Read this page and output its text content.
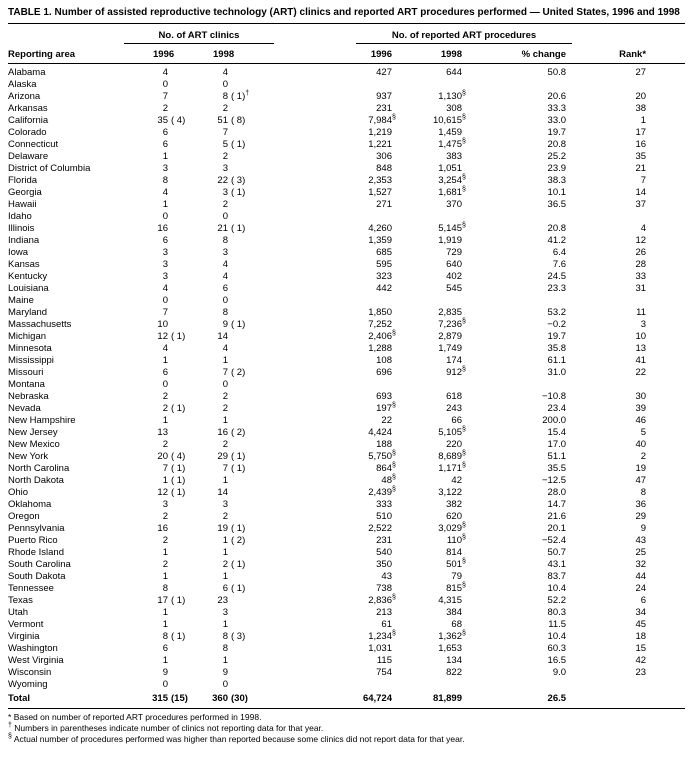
TABLE 1. Number of assisted reproductive technology (ART) clinics and reported ART procedures performed — United States, 1996 and 1998

	No. of ART clinics		No. of reported ART procedures			

Reporting area	1996	1998	1996	1998	% change	Rank*
Alabama	4	4	427	644	50.8	27
Alaska	0	0				
Arizona	7	8 ( 1)†	937	1,130§	20.6	20
Arkansas	2	2	231	308	33.3	38
California	35 ( 4)	51 ( 8)	7,984§	10,615§	33.0	1
Colorado	6	7	1,219	1,459	19.7	17
Connecticut	6	5 ( 1)	1,221	1,475§	20.8	16
Delaware	1	2	306	383	25.2	35
District of Columbia	3	3	848	1,051	23.9	21
Florida	8	22 ( 3)	2,353	3,254§	38.3	7
Georgia	4	3 ( 1)	1,527	1,681§	10.1	14
Hawaii	1	2	271	370	36.5	37
Idaho	0	0				
Illinois	16	21 ( 1)	4,260	5,145§	20.8	4
Indiana	6	8	1,359	1,919	41.2	12
Iowa	3	3	685	729	6.4	26
Kansas	3	4	595	640	7.6	28
Kentucky	3	4	323	402	24.5	33
Louisiana	4	6	442	545	23.3	31
Maine	0	0				
Maryland	7	8	1,850	2,835	53.2	11
Massachusetts	10	9 ( 1)	7,252	7,236§	−0.2	3
Michigan	12 ( 1)	14	2,406§	2,879	19.7	10
Minnesota	4	4	1,288	1,749	35.8	13
Mississippi	1	1	108	174	61.1	41
Missouri	6	7 ( 2)	696	912§	31.0	22
Montana	0	0				
Nebraska	2	2	693	618	−10.8	30
Nevada	2 ( 1)	2	197§	243	23.4	39
New Hampshire	1	1	22	66	200.0	46
New Jersey	13	16 ( 2)	4,424	5,105§	15.4	5
New Mexico	2	2	188	220	17.0	40
New York	20 ( 4)	29 ( 1)	5,750§	8,689§	51.1	2
North Carolina	7 ( 1)	7 ( 1)	864§	1,171§	35.5	19
North Dakota	1 ( 1)	1	48§	42	−12.5	47
Ohio	12 ( 1)	14	2,439§	3,122	28.0	8
Oklahoma	3	3	333	382	14.7	36
Oregon	2	2	510	620	21.6	29
Pennsylvania	16	19 ( 1)	2,522	3,029§	20.1	9
Puerto Rico	2	1 ( 2)	231	110§	−52.4	43
Rhode Island	1	1	540	814	50.7	25
South Carolina	2	2 ( 1)	350	501§	43.1	32
South Dakota	1	1	43	79	83.7	44
Tennessee	8	6 ( 1)	738	815§	10.4	24
Texas	17 ( 1)	23	2,836§	4,315	52.2	6
Utah	1	3	213	384	80.3	34
Vermont	1	1	61	68	11.5	45
Virginia	8 ( 1)	8 ( 3)	1,234§	1,362§	10.4	18
Washington	6	8	1,031	1,653	60.3	15
West Virginia	1	1	115	134	16.5	42
Wisconsin	9	9	754	822	9.0	23
Wyoming	0	0				
Total	315 (15)	360 (30)	64,724	81,899	26.5	
* Based on number of reported ART procedures performed in 1998.
† Numbers in parentheses indicate number of clinics not reporting data for that year.
§ Actual number of procedures performed was higher than reported because some clinics did not report data for that year.
